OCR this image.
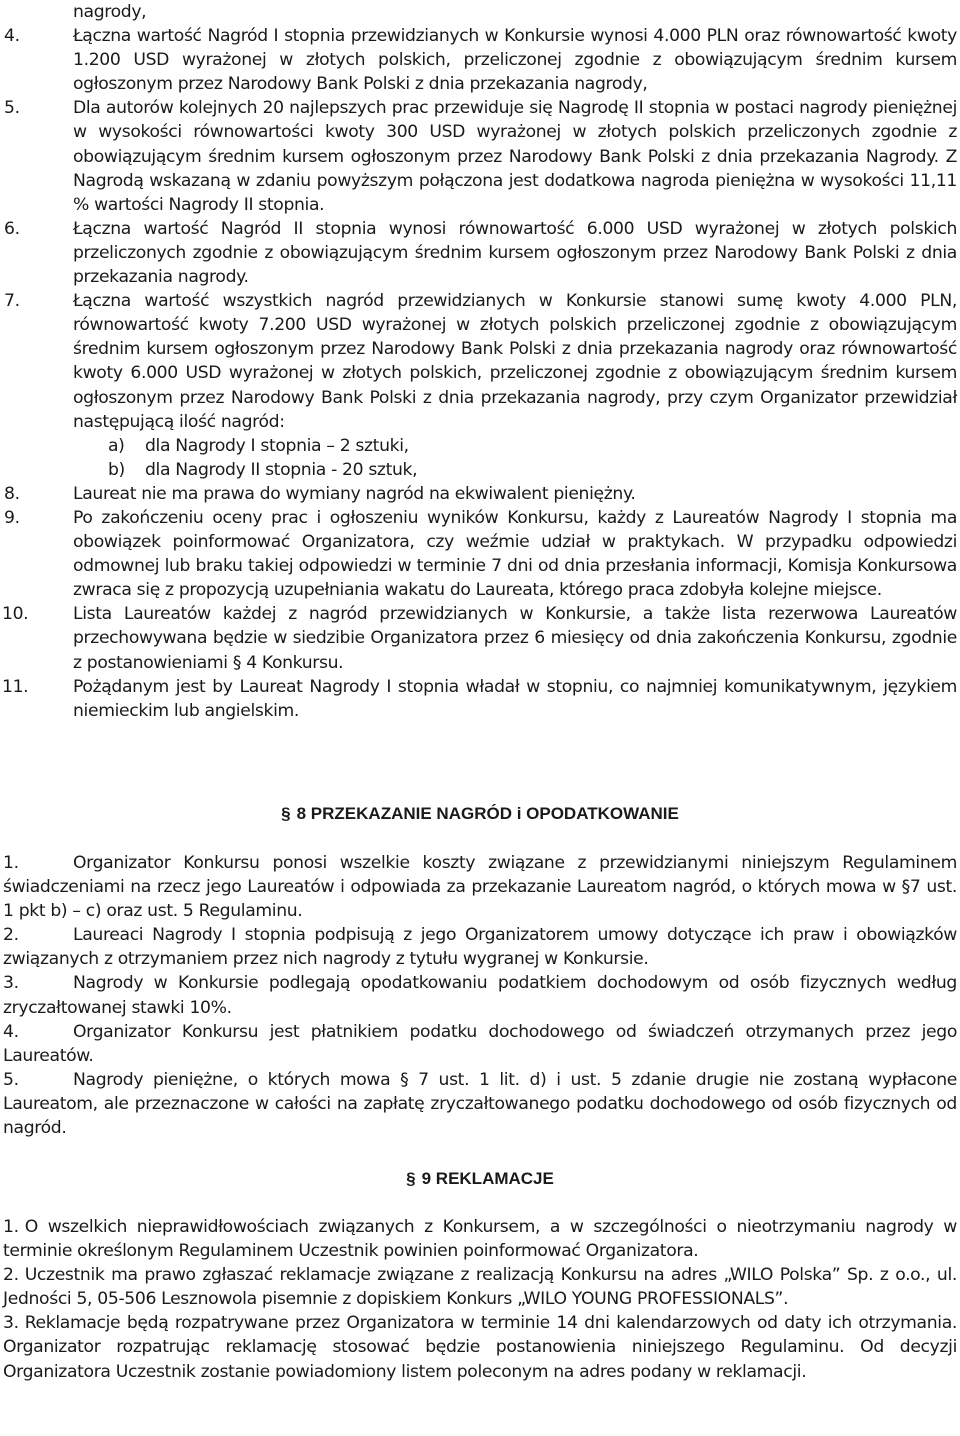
nagrody,
4.	Łączna wartość Nagród I stopnia przewidzianych w Konkursie wynosi 4.000 PLN oraz równowartość kwoty 1.200 USD wyrażonej w złotych polskich, przeliczonej zgodnie z obowiązującym średnim kursem ogłoszonym przez Narodowy Bank Polski z dnia przekazania nagrody,
5.	Dla autorów kolejnych 20 najlepszych prac przewiduje się Nagrodę II stopnia w postaci nagrody pieniężnej w wysokości równowartości kwoty 300 USD wyrażonej w złotych polskich przeliczonych zgodnie z obowiązującym średnim kursem ogłoszonym przez Narodowy Bank Polski z dnia przekazania Nagrody. Z Nagrodą wskazaną w zdaniu powyższym połączona jest dodatkowa nagroda pieniężna w wysokości 11,11 % wartości Nagrody II stopnia.
6.	Łączna wartość Nagród II stopnia wynosi równowartość 6.000 USD wyrażonej w złotych polskich przeliczonych zgodnie z obowiązującym średnim kursem ogłoszonym przez Narodowy Bank Polski z dnia przekazania nagrody.
7.	Łączna wartość wszystkich nagród przewidzianych w Konkursie stanowi sumę kwoty 4.000 PLN, równowartość kwoty 7.200 USD wyrażonej w złotych polskich przeliczonej zgodnie z obowiązującym średnim kursem ogłoszonym przez Narodowy Bank Polski z dnia przekazania nagrody oraz równowartość kwoty 6.000 USD wyrażonej w złotych polskich, przeliczonej zgodnie z obowiązującym średnim kursem ogłoszonym przez Narodowy Bank Polski z dnia przekazania nagrody, przy czym Organizator przewidział następującą ilość nagród:
a) dla Nagrody I stopnia – 2 sztuki,
b) dla Nagrody II stopnia - 20 sztuk,
8.	Laureat nie ma prawa do wymiany nagród na ekwiwalent pieniężny.
9.	Po zakończeniu oceny prac i ogłoszeniu wyników Konkursu, każdy z Laureatów Nagrody I stopnia ma obowiązek poinformować Organizatora, czy weźmie udział w praktykach. W przypadku odpowiedzi odmownej lub braku takiej odpowiedzi w terminie 7 dni od dnia przesłania informacji, Komisja Konkursowa zwraca się z propozycją uzupełniania wakatu do Laureata, którego praca zdobyła kolejne miejsce.
10.	Lista Laureatów każdej z nagród przewidzianych w Konkursie, a także lista rezerwowa Laureatów przechowywana będzie w siedzibie Organizatora przez 6 miesięcy od dnia zakończenia Konkursu, zgodnie z postanowieniami § 4 Konkursu.
11.	Pożądanym jest by Laureat Nagrody I stopnia władał w stopniu, co najmniej komunikatywnym, językiem niemieckim lub angielskim.
§ 8 PRZEKAZANIE NAGRÓD i OPODATKOWANIE
1.	Organizator Konkursu ponosi wszelkie koszty związane z przewidzianymi niniejszym Regulaminem świadczeniami na rzecz jego Laureatów i odpowiada za przekazanie Laureatom nagród, o których mowa w §7 ust. 1 pkt b) – c) oraz ust. 5 Regulaminu.
2.	Laureaci Nagrody I stopnia podpisują z jego Organizatorem umowy dotyczące ich praw i obowiązków związanych z otrzymaniem przez nich nagrody z tytułu wygranej w Konkursie.
3.	Nagrody w Konkursie podlegają opodatkowaniu podatkiem dochodowym od osób fizycznych według zryczałtowanej stawki 10%.
4.	Organizator Konkursu jest płatnikiem podatku dochodowego od świadczeń otrzymanych przez jego Laureatów.
5.	Nagrody pieniężne, o których mowa § 7 ust. 1 lit. d) i ust. 5 zdanie drugie nie zostaną wypłacone Laureatom, ale przeznaczone w całości na zapłatę zryczałtowanego podatku dochodowego od osób fizycznych od nagród.
§ 9 REKLAMACJE
1. O wszelkich nieprawidłowościach związanych z Konkursem, a w szczególności o nieotrzymaniu nagrody w terminie określonym Regulaminem Uczestnik powinien poinformować Organizatora.
2. Uczestnik ma prawo zgłaszać reklamacje związane z realizacją Konkursu na adres „WILO Polska” Sp. z o.o., ul. Jedności 5, 05-506 Lesznowola pisemnie z dopiskiem Konkurs „WILO YOUNG PROFESSIONALS”.
3. Reklamacje będą rozpatrywane przez Organizatora w terminie 14 dni kalendarzowych od daty ich otrzymania. Organizator rozpatrując reklamację stosować będzie postanowienia niniejszego Regulaminu. Od decyzji Organizatora Uczestnik zostanie powiadomiony listem poleconym na adres podany w reklamacji.
